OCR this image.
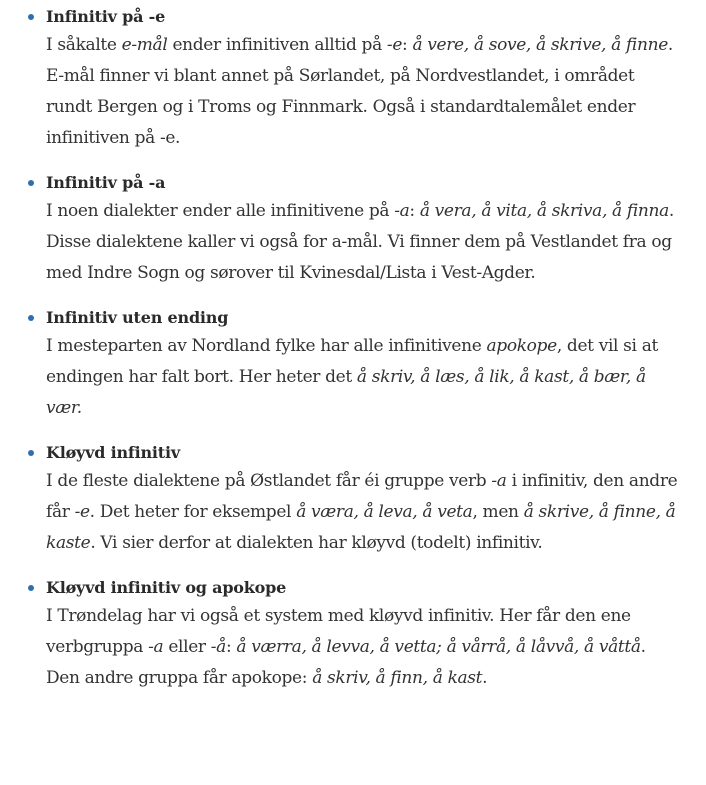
Infinitiv på -e
I såkalte e-mål ender infinitiven alltid på -e: å vere, å sove, å skrive, å finne. E-mål finner vi blant annet på Sørlandet, på Nordvestlandet, i området rundt Bergen og i Troms og Finnmark. Også i standardtalemålet ender infinitiven på -e.
Infinitiv på -a
I noen dialekter ender alle infinitivene på -a: å vera, å vita, å skriva, å finna. Disse dialektene kaller vi også for a-mål. Vi finner dem på Vestlandet fra og med Indre Sogn og sørover til Kvinesdal/Lista i Vest-Agder.
Infinitiv uten ending
I mesteparten av Nordland fylke har alle infinitivene apokope, det vil si at endingen har falt bort. Her heter det å skriv, å læs, å lik, å kast, å bær, å vær.
Kløyvd infinitiv
I de fleste dialektene på Østlandet får éi gruppe verb -a i infinitiv, den andre får -e. Det heter for eksempel å væra, å leva, å veta, men å skrive, å finne, å kaste. Vi sier derfor at dialekten har kløyvd (todelt) infinitiv.
Kløyvd infinitiv og apokope
I Trøndelag har vi også et system med kløyvd infinitiv. Her får den ene verbgruppa -a eller -å: å værra, å levva, å vetta; å vårrå, å låvvå, å våttå. Den andre gruppa får apokope: å skriv, å finn, å kast.
